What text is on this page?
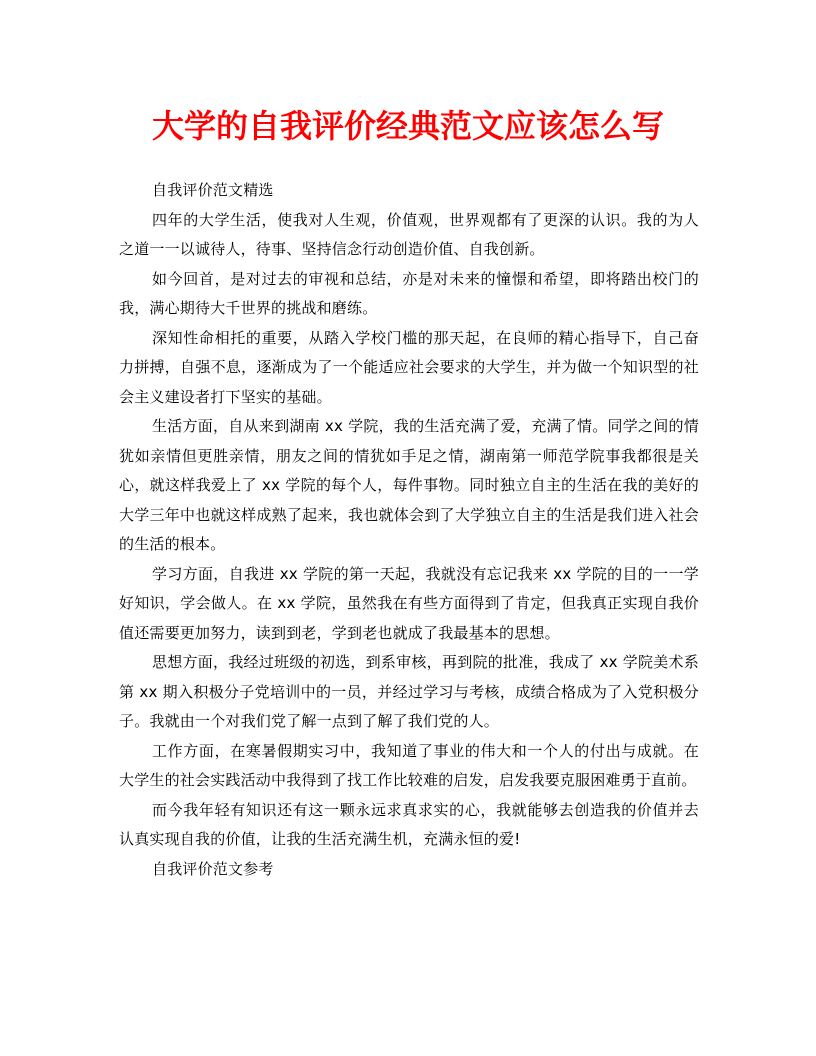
大学的自我评价经典范文应该怎么写

自我评价范文精选

四年的大学生活，使我对人生观，价值观，世界观都有了更深的认识。我的为人之道一一以诚待人，待事、坚持信念行动创造价值、自我创新。

如今回首，是对过去的审视和总结，亦是对未来的憧憬和希望，即将踏出校门的我，满心期待大千世界的挑战和磨练。

深知性命相托的重要，从踏入学校门槛的那天起，在良师的精心指导下，自己奋力拼搏，自强不息，逐渐成为了一个能适应社会要求的大学生，并为做一个知识型的社会主义建设者打下坚实的基础。

生活方面，自从来到湖南 xx 学院，我的生活充满了爱，充满了情。同学之间的情犹如亲情但更胜亲情，朋友之间的情犹如手足之情，湖南第一师范学院事我都很是关心，就这样我爱上了 xx 学院的每个人，每件事物。同时独立自主的生活在我的美好的大学三年中也就这样成熟了起来，我也就体会到了大学独立自主的生活是我们进入社会的生活的根本。

学习方面，自我进 xx 学院的第一天起，我就没有忘记我来 xx 学院的目的一一学好知识，学会做人。在 xx 学院，虽然我在有些方面得到了肯定，但我真正实现自我价值还需要更加努力，读到到老，学到老也就成了我最基本的思想。

思想方面，我经过班级的初选，到系审核，再到院的批准，我成了 xx 学院美术系第 xx 期入积极分子党培训中的一员，并经过学习与考核，成绩合格成为了入党积极分子。我就由一个对我们党了解一点到了解了我们党的人。

工作方面，在寒暑假期实习中，我知道了事业的伟大和一个人的付出与成就。在大学生的社会实践活动中我得到了找工作比较难的启发，启发我要克服困难勇于直前。

而今我年轻有知识还有这一颗永远求真求实的心，我就能够去创造我的价值并去认真实现自我的价值，让我的生活充满生机，充满永恒的爱!

自我评价范文参考
